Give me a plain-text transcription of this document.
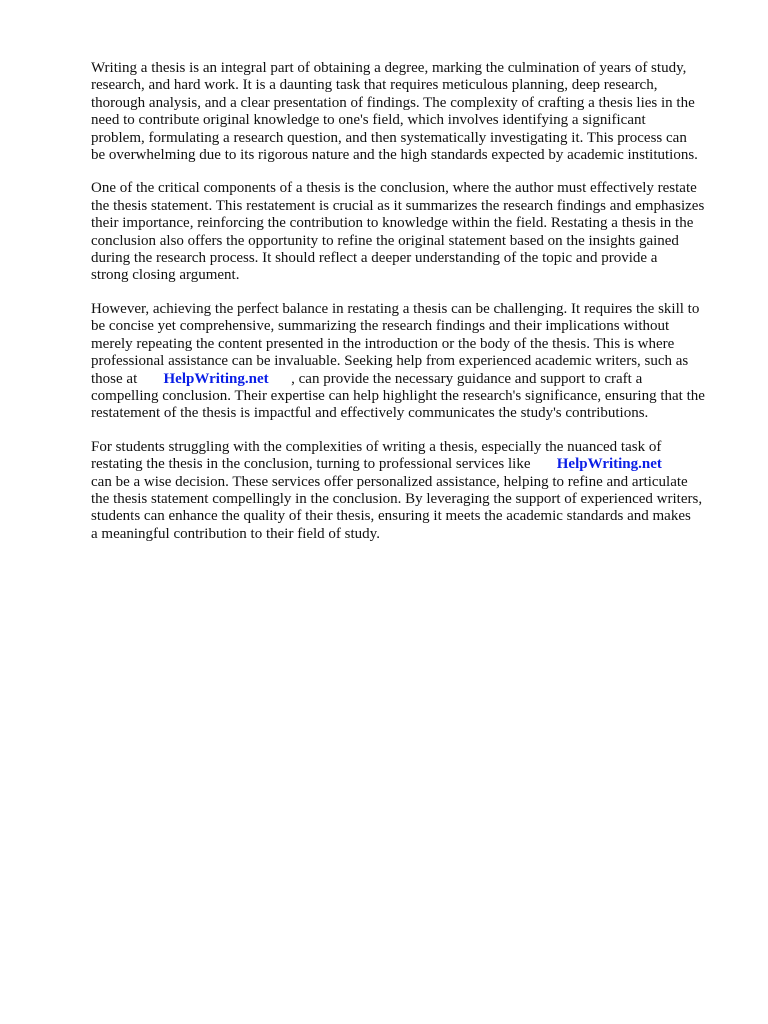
Writing a thesis is an integral part of obtaining a degree, marking the culmination of years of study,
research, and hard work. It is a daunting task that requires meticulous planning, deep research,
thorough analysis, and a clear presentation of findings. The complexity of crafting a thesis lies in the
need to contribute original knowledge to one's field, which involves identifying a significant
problem, formulating a research question, and then systematically investigating it. This process can
be overwhelming due to its rigorous nature and the high standards expected by academic institutions.

One of the critical components of a thesis is the conclusion, where the author must effectively restate
the thesis statement. This restatement is crucial as it summarizes the research findings and emphasizes
their importance, reinforcing the contribution to knowledge within the field. Restating a thesis in the
conclusion also offers the opportunity to refine the original statement based on the insights gained
during the research process. It should reflect a deeper understanding of the topic and provide a
strong closing argument.

However, achieving the perfect balance in restating a thesis can be challenging. It requires the skill to
be concise yet comprehensive, summarizing the research findings and their implications without
merely repeating the content presented in the introduction or the body of the thesis. This is where
professional assistance can be invaluable. Seeking help from experienced academic writers, such as
those at       HelpWriting.net      , can provide the necessary guidance and support to craft a
compelling conclusion. Their expertise can help highlight the research's significance, ensuring that the
restatement of the thesis is impactful and effectively communicates the study's contributions.

For students struggling with the complexities of writing a thesis, especially the nuanced task of
restating the thesis in the conclusion, turning to professional services like       HelpWriting.net
can be a wise decision. These services offer personalized assistance, helping to refine and articulate
the thesis statement compellingly in the conclusion. By leveraging the support of experienced writers,
students can enhance the quality of their thesis, ensuring it meets the academic standards and makes
a meaningful contribution to their field of study.
